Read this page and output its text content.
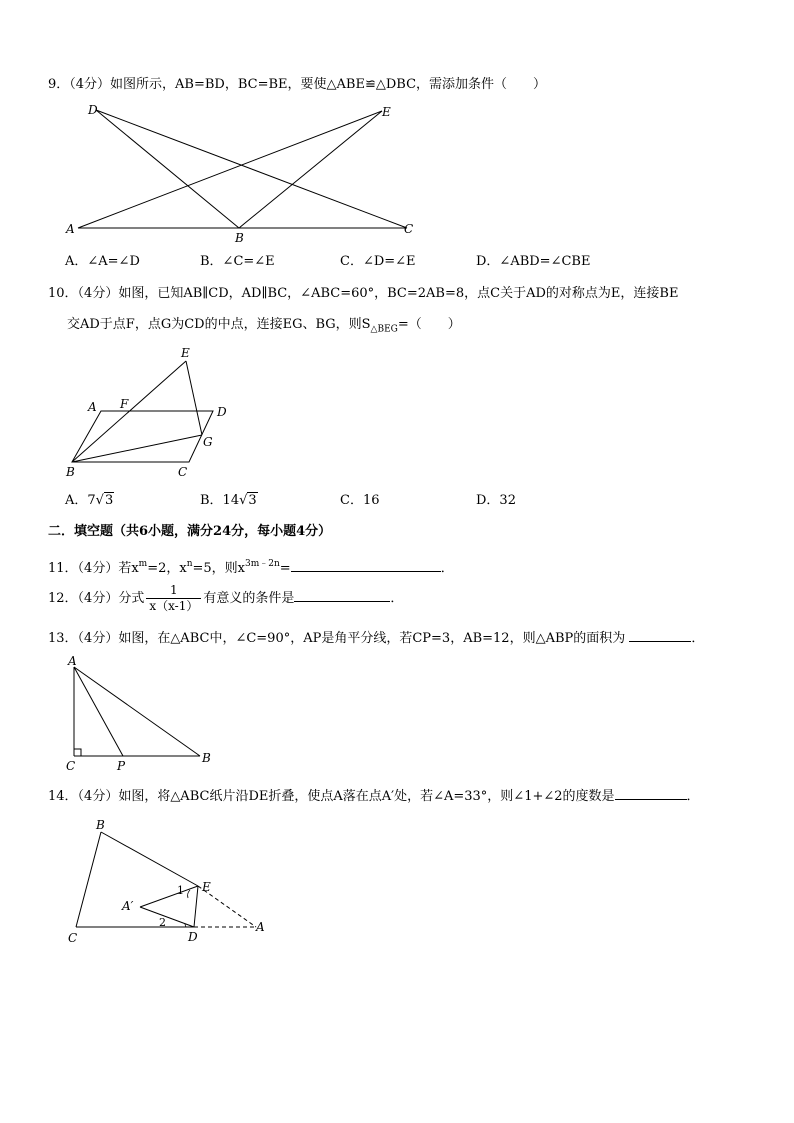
9．（4分）如图所示，AB=BD，BC=BE，要使△ABE≌△DBC，需添加条件（　　）
D	E
A
B
C
A．∠A=∠D	B．∠C=∠E	C．∠D=∠E	D．∠ABD=∠CBE
10．（4分）如图，已知AB∥CD，AD∥BC，∠ABC=60°，BC=2AB=8，点C关于AD的对称点为E，连接BE
交AD于点F，点G为CD的中点，连接EG、BG，则$S_{\triangle BEG}=$（　　）
E
A F
D
G
B	C
A．7√3	B．14√3	C．16	D．32
二．填空题（共6小题，满分24分，每小题4分）
11．（4分）若$x^m=2$，$x^n=5$，则$x^{3m﹣2n}=$	．
12．（4分）分式 $\frac{1}{x(x-1)}$ 有意义的条件是	．
13．（4分）如图，在△ABC中，∠C=90°，AP是角平分线，若CP=3，AB=12，则△ABP的面积为	．
A
C	P
B
14．（4分）如图，将△ABC纸片沿DE折叠，使点A落在点A′处，若∠A=33°，则∠1+∠2的度数是	．
B
E
A′
C	D
A
1
2
